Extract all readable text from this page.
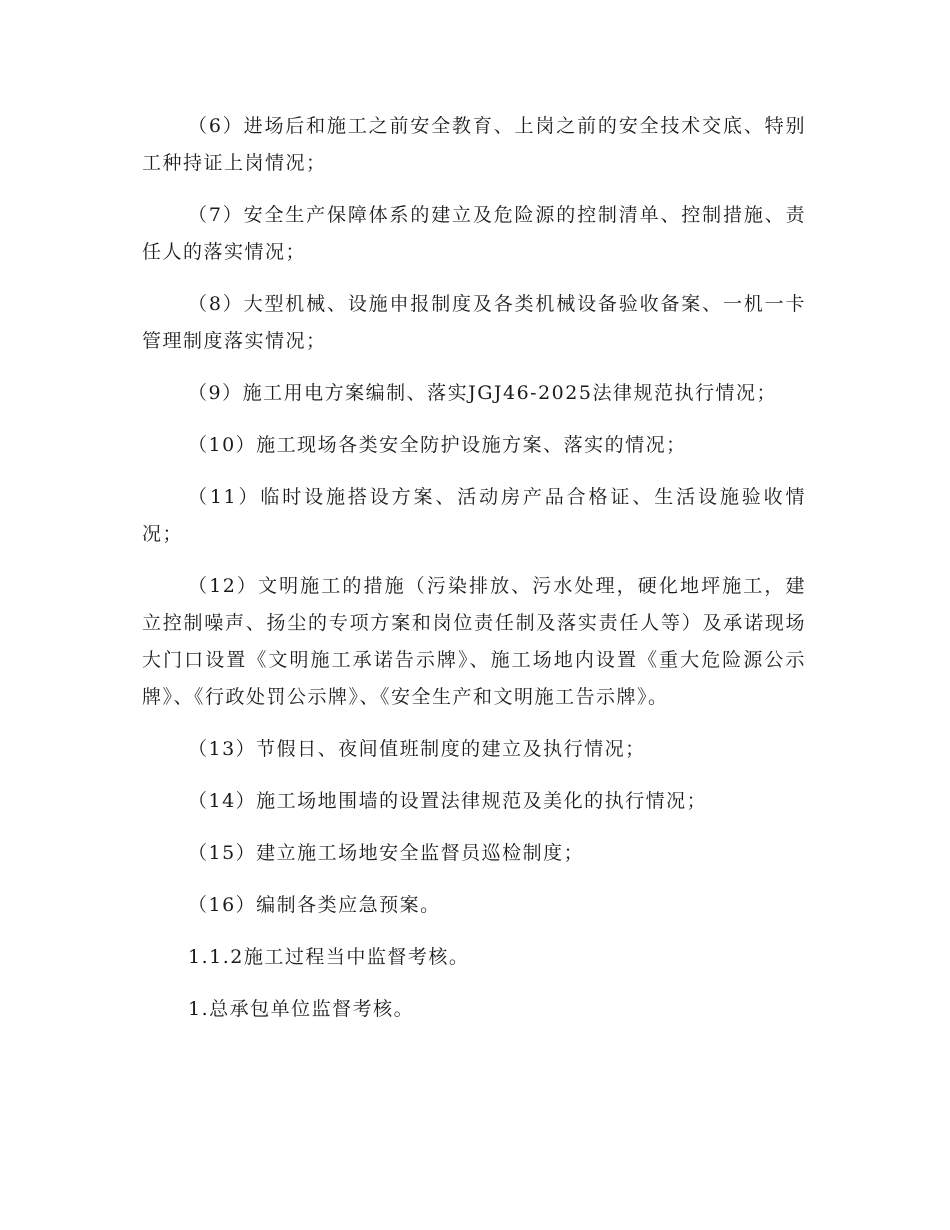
（6）进场后和施工之前安全教育、上岗之前的安全技术交底、特别工种持证上岗情况；

（7）安全生产保障体系的建立及危险源的控制清单、控制措施、责任人的落实情况；

（8）大型机械、设施申报制度及各类机械设备验收备案、一机一卡管理制度落实情况；

（9）施工用电方案编制、落实JGJ46-2025法律规范执行情况；

（10）施工现场各类安全防护设施方案、落实的情况；

（11）临时设施搭设方案、活动房产品合格证、生活设施验收情况；

（12）文明施工的措施（污染排放、污水处理，硬化地坪施工，建立控制噪声、扬尘的专项方案和岗位责任制及落实责任人等）及承诺现场大门口设置《文明施工承诺告示牌》、施工场地内设置《重大危险源公示牌》、《行政处罚公示牌》、《安全生产和文明施工告示牌》。

（13）节假日、夜间值班制度的建立及执行情况；

（14）施工场地围墙的设置法律规范及美化的执行情况；

（15）建立施工场地安全监督员巡检制度；

（16）编制各类应急预案。

1.1.2施工过程当中监督考核。

1.总承包单位监督考核。
